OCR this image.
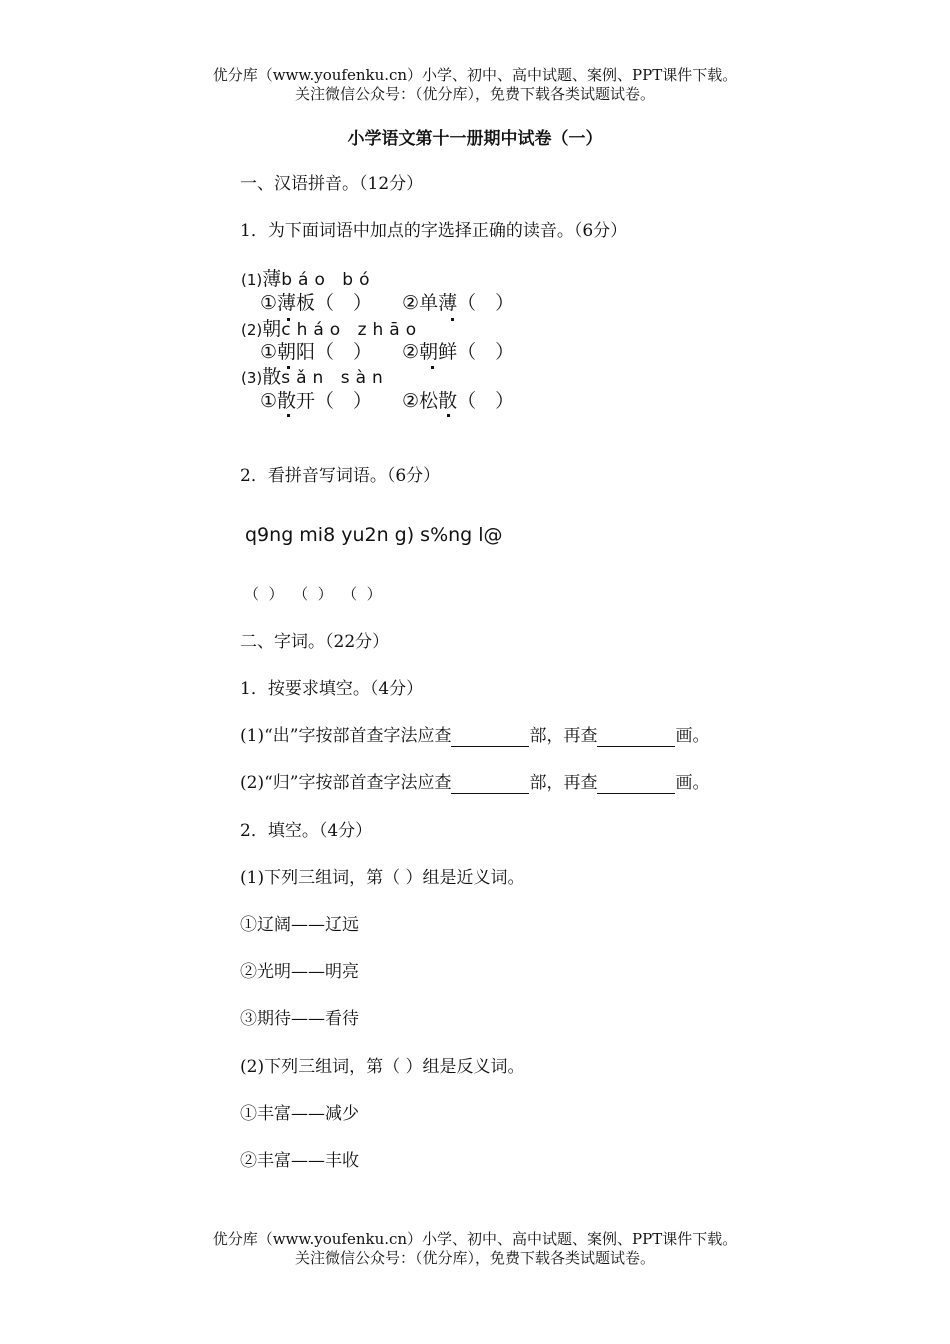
优分库（www.youfenku.cn）小学、初中、高中试题、案例、PPT课件下载。
关注微信公众号：（优分库），免费下载各类试题试卷。
小学语文第十一册期中试卷（一）
一、汉语拼音。（12分）
1．为下面词语中加点的字选择正确的读音。（6分）
(1)薄báo bó
①薄板（　） ②单薄（　）
(2)朝cháo zhāo
①朝阳（　） ②朝鲜（　）
(3)散sǎn sàn
①散开（　） ②松散（　）
2．看拼音写词语。（6分）
q9ng mi8 yu2n g) s%ng l@
（  ）  （  ）  （  ）
二、字词。（22分）
1．按要求填空。（4分）
(1)“出”字按部首查字法应查	部，再查	画。
(2)“归”字按部首查字法应查	部，再查	画。
2．填空。（4分）
(1)下列三组词，第（ ）组是近义词。
①辽阔——辽远
②光明——明亮
③期待——看待
(2)下列三组词，第（ ）组是反义词。
①丰富——减少
②丰富——丰收
优分库（www.youfenku.cn）小学、初中、高中试题、案例、PPT课件下载。
关注微信公众号：（优分库），免费下载各类试题试卷。
